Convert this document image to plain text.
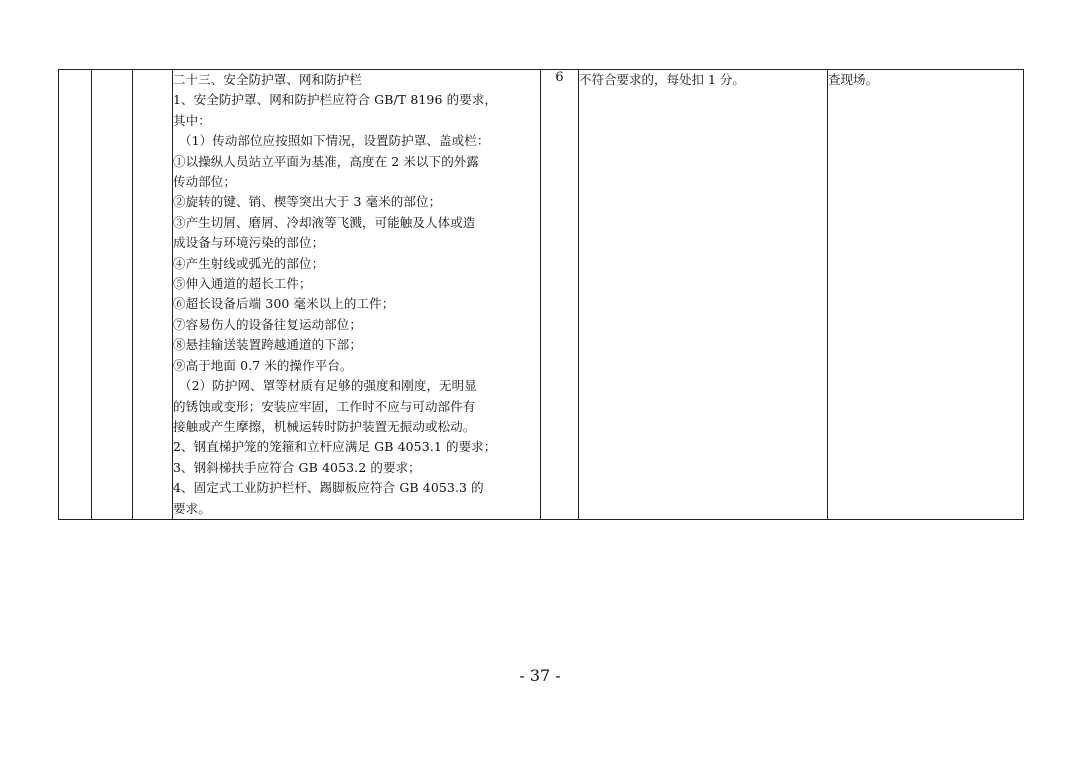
二十三、安全防护罩、网和防护栏
1、安全防护罩、网和防护栏应符合 GB/T 8196 的要求，
其中：
（1）传动部位应按照如下情况，设置防护罩、盖或栏：
①以操纵人员站立平面为基准，高度在 2 米以下的外露
传动部位；
②旋转的键、销、楔等突出大于 3 毫米的部位；
③产生切屑、磨屑、冷却液等飞溅，可能触及人体或造
成设备与环境污染的部位；
④产生射线或弧光的部位；
⑤伸入通道的超长工件；
⑥超长设备后端 300 毫米以上的工件；
⑦容易伤人的设备往复运动部位；
⑧悬挂输送装置跨越通道的下部；
⑨高于地面 0.7 米的操作平台。
（2）防护网、罩等材质有足够的强度和刚度，无明显
的锈蚀或变形；安装应牢固，工作时不应与可动部件有
接触或产生摩擦，机械运转时防护装置无振动或松动。
2、钢直梯护笼的笼箍和立杆应满足 GB 4053.1 的要求；
3、钢斜梯扶手应符合 GB 4053.2 的要求；
4、固定式工业防护栏杆、踢脚板应符合 GB 4053.3 的
要求。
	6	不符合要求的，每处扣 1 分。	查现场。
- 37 -
